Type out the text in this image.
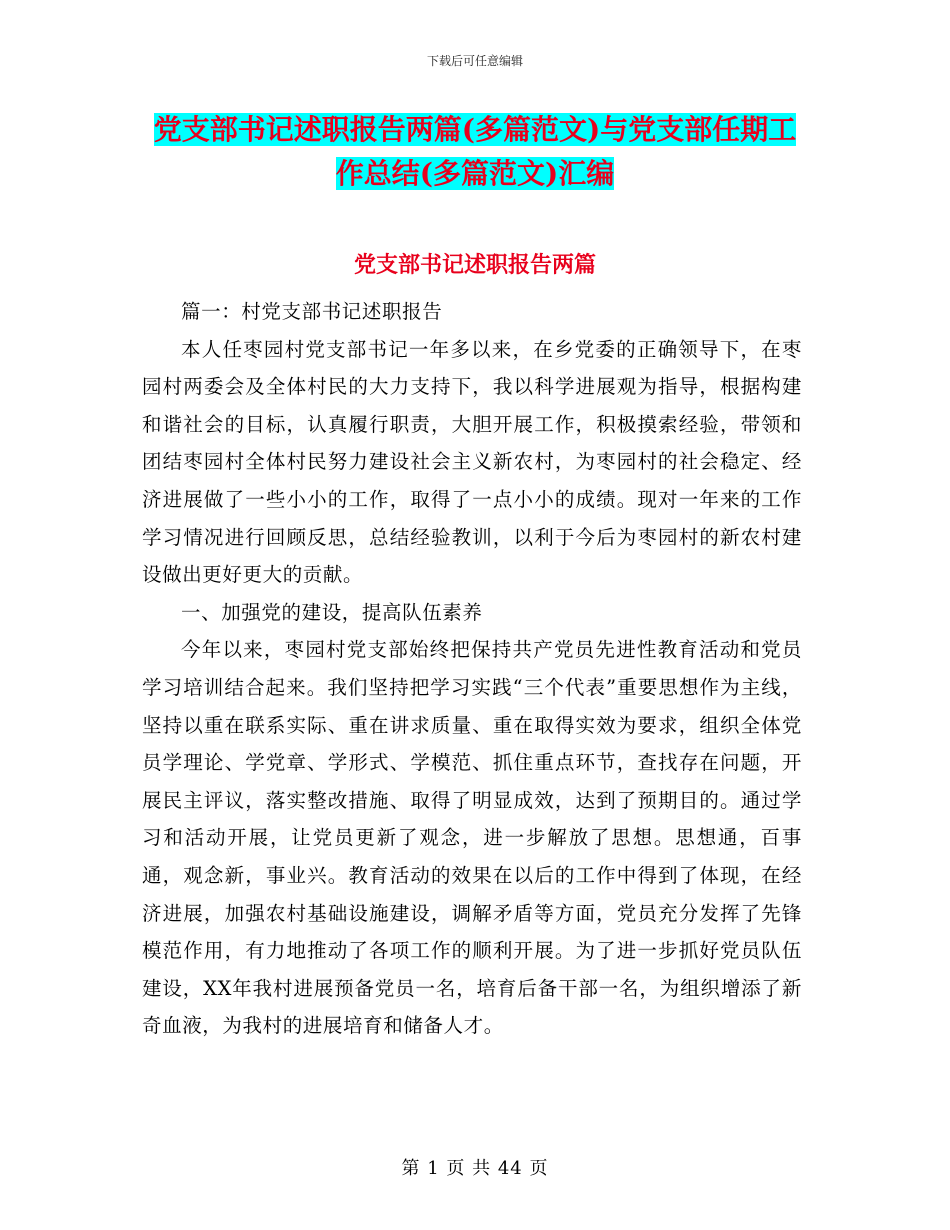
下载后可任意编辑
党支部书记述职报告两篇(多篇范文)与党支部任期工
作总结(多篇范文)汇编
党支部书记述职报告两篇

篇一：村党支部书记述职报告

本人任枣园村党支部书记一年多以来，在乡党委的正确领导下，在枣园村两委会及全体村民的大力支持下，我以科学进展观为指导，根据构建和谐社会的目标，认真履行职责，大胆开展工作，积极摸索经验，带领和团结枣园村全体村民努力建设社会主义新农村，为枣园村的社会稳定、经济进展做了一些小小的工作，取得了一点小小的成绩。现对一年来的工作学习情况进行回顾反思，总结经验教训，以利于今后为枣园村的新农村建设做出更好更大的贡献。

一、加强党的建设，提高队伍素养

今年以来，枣园村党支部始终把保持共产党员先进性教育活动和党员学习培训结合起来。我们坚持把学习实践“三个代表”重要思想作为主线，坚持以重在联系实际、重在讲求质量、重在取得实效为要求，组织全体党员学理论、学党章、学形式、学模范、抓住重点环节，查找存在问题，开展民主评议，落实整改措施、取得了明显成效，达到了预期目的。通过学习和活动开展，让党员更新了观念，进一步解放了思想。思想通，百事通，观念新，事业兴。教育活动的效果在以后的工作中得到了体现，在经济进展，加强农村基础设施建设，调解矛盾等方面，党员充分发挥了先锋模范作用，有力地推动了各项工作的顺利开展。为了进一步抓好党员队伍建设，XX年我村进展预备党员一名，培育后备干部一名，为组织增添了新奇血液，为我村的进展培育和储备人才。

第 1 页 共 44 页
